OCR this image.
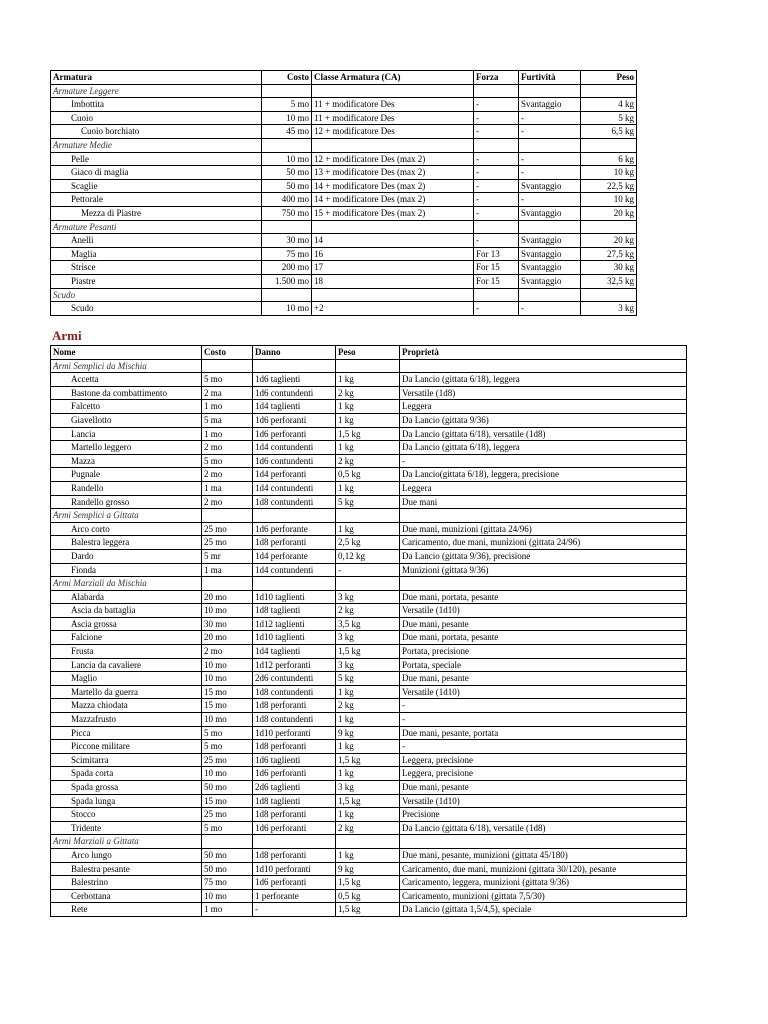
Armatura	Costo	Classe Armatura (CA)	Forza	Furtività	Peso
Armature Leggere					
Imbottita	5 mo	11 + modificatore Des	-	Svantaggio	4 kg
Cuoio	10 mo	11 + modificatore Des	-	-	5 kg
Cuoio borchiato	45 mo	12 + modificatore Des	-	-	6,5 kg
Armature Medie					
Pelle	10 mo	12 + modificatore Des (max 2)	-	-	6 kg
Giaco di maglia	50 mo	13 + modificatore Des (max 2)	-	-	10 kg
Scaglie	50 mo	14 + modificatore Des (max 2)	-	Svantaggio	22,5 kg
Pettorale	400 mo	14 + modificatore Des (max 2)	-	-	10 kg
Mezza di Piastre	750 mo	15 + modificatore Des (max 2)	-	Svantaggio	20 kg
Armature Pesanti					
Anelli	30 mo	14	-	Svantaggio	20 kg
Maglia	75 mo	16	For 13	Svantaggio	27,5 kg
Strisce	200 mo	17	For 15	Svantaggio	30 kg
Piastre	1.500 mo	18	For 15	Svantaggio	32,5 kg
Scudo					
Scudo	10 mo	+2	-	-	3 kg
Armi
Nome	Costo	Danno	Peso	Proprietà
Armi Semplici da Mischia				
Accetta	5 mo	1d6 taglienti	1 kg	Da Lancio (gittata 6/18), leggera
Bastone da combattimento	2 ma	1d6 contundenti	2 kg	Versatile (1d8)
Falcetto	1 mo	1d4 taglienti	1 kg	Leggera
Giavellotto	5 ma	1d6 perforanti	1 kg	Da Lancio (gittata 9/36)
Lancia	1 mo	1d6 perforanti	1,5 kg	Da Lancio (gittata 6/18), versatile (1d8)
Martello leggero	2 mo	1d4 contundenti	1 kg	Da Lancio (gittata 6/18), leggera
Mazza	5 mo	1d6 contundenti	2 kg	-
Pugnale	2 mo	1d4 perforanti	0,5 kg	Da Lancio(gittata 6/18), leggera, precisione
Randello	1 ma	1d4 contundenti	1 kg	Leggera
Randello grosso	2 mo	1d8 contundenti	5 kg	Due mani
Armi Semplici a Gittata				
Arco corto	25 mo	1d6 perforante	1 kg	Due mani, munizioni (gittata 24/96)
Balestra leggera	25 mo	1d8 perforanti	2,5 kg	Caricamento, due mani, munizioni (gittata 24/96)
Dardo	5 mr	1d4 perforante	0,12 kg	Da Lancio (gittata 9/36), precisione
Fionda	1 ma	1d4 contundenti	-	Munizioni (gittata 9/36)
Armi Marziali da Mischia				
Alabarda	20 mo	1d10 taglienti	3 kg	Due mani, portata, pesante
Ascia da battaglia	10 mo	1d8 taglienti	2 kg	Versatile (1d10)
Ascia grossa	30 mo	1d12 taglienti	3,5 kg	Due mani, pesante
Falcione	20 mo	1d10 taglienti	3 kg	Due mani, portata, pesante
Frusta	2 mo	1d4 taglienti	1,5 kg	Portata, precisione
Lancia da cavaliere	10 mo	1d12 perforanti	3 kg	Portata, speciale
Maglio	10 mo	2d6 contundenti	5 kg	Due mani, pesante
Martello da guerra	15 mo	1d8 contundenti	1 kg	Versatile (1d10)
Mazza chiodata	15 mo	1d8 perforanti	2 kg	-
Mazzafrusto	10 mo	1d8 contundenti	1 kg	-
Picca	5 mo	1d10 perforanti	9 kg	Due mani, pesante, portata
Piccone militare	5 mo	1d8 perforanti	1 kg	-
Scimitarra	25 mo	1d6 taglienti	1,5 kg	Leggera, precisione
Spada corta	10 mo	1d6 perforanti	1 kg	Leggera, precisione
Spada grossa	50 mo	2d6 taglienti	3 kg	Due mani, pesante
Spada lunga	15 mo	1d8 taglienti	1,5 kg	Versatile (1d10)
Stocco	25 mo	1d8 perforanti	1 kg	Precisione
Tridente	5 mo	1d6 perforanti	2 kg	Da Lancio (gittata 6/18), versatile (1d8)
Armi Marziali a Gittata				
Arco lungo	50 mo	1d8 perforanti	1 kg	Due mani, pesante, munizioni (gittata 45/180)
Balestra pesante	50 mo	1d10 perforanti	9 kg	Caricamento, due mani, munizioni (gittata 30/120), pesante
Balestrino	75 mo	1d6 perforanti	1,5 kg	Caricamento, leggera, munizioni (gittata 9/36)
Cerbottana	10 mo	1 perforante	0,5 kg	Caricamento, munizioni (gittata 7,5/30)
Rete	1 mo	-	1,5 kg	Da Lancio (gittata 1,5/4,5), speciale
